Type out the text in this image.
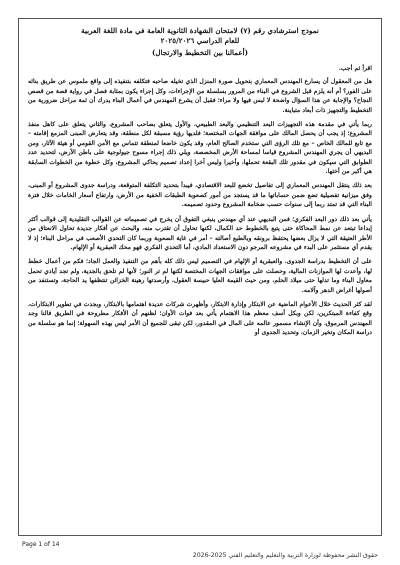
نموذج استرشادي رقم (٧) لامتحان الشهادة الثانوية العامة في مادة اللغة العربية
للعام الدراسي ٢٠٢٥/٢٠٢٦
(أعمالنا بين التخطيط والارتجال)

اقرأ ثم أجب.

هل من المعقول أن يسارع المهندس المعماري بتحويل صورة المنزل الذي تخيله صاحبه فتكلفه بتنفيذه إلى واقع ملموس عن طريق بنائه على الفور؟ أم أنه يلزم قبل الشروع في البناء من المرور بسلسلة من الإجراءات، وكل إجراء يكون بمثابة فصل في رواية قصة من قصص النجاح؟ والإجابة عن هذا السؤال واضحة لا لبس فيها ولا مراء؛ فقبل أن يشرع المهندس في أعمال البناء يدرك أن ثمة مراحل ضرورية من التخطيط والتجهيز ذات أبعاد متباينة.

ربما يأتي في مقدمة هذه التجهيزات البعد التنظيمي والبعد الطبيعي، والأول يتعلق بصاحب المشروع، والثاني يتعلق على كاهل منفذ المشروع؛ إذ يجب أن يحصل المالك على موافقة الجهات المختصة؛ فلديها رؤية مسبقة لكل منطقة، وقد يتعارض المبنى المزمع إقامته – مع تابع للمالك الخاص – مع تلك الرؤى التي ستخدم الصالح العام، وقد يكون خاضعا لمنطقة تتماس مع الأمن القومي أو هيئة الآثار، ومن البديهي أن يجري المهندس المشروع قياسا لمساحة الأرض المخصصة، ويلي ذلك إجراء مسوح جيولوجية على باطن الأرض، لتحديد عدد الطوابق التي سيكون في مقدور تلك البقعة تحملها، وأخيرا وليس آخرا إعداد تصميم يحاكي المشروع، وكل خطوة من الخطوات السابقة هي أكبر من أختها.

بعد ذلك ينتقل المهندس المعماري إلى تفاصيل تخضع للبعد الاقتصادي، فيبدأ بتحديد التكلفة المتوقعة، ودراسة جدوى المشروع أو المبنى، وفق ميزانية تفصيلية تضع ضمن حساباتها ما قد يستجد من أمور كصعوبة الطبقات الخفية من الأرض، وارتفاع أسعار الخامات خلال فترة البناء التي قد تمتد ربما إلى سنوات حسب ضخامة المشروع وحدود تصميمه.

يأتي بعد ذلك دور البعد الفكري؛ فمن البديهي عند أي مهندس ينبغي التفوق أن يخرج في تصميماته عن القوالب التقليدية إلى قوالب أكثر إبداعا تبتعد عن نمط المحاكاة حتى يتبع بالخطوط حد الكمال، لكنها تحاول أن تقترب منه، والبحث عن أفكار جديدة تحاول الانعتاق من الأطر العتيقة التي لا يزال بعضها يحتفظ برونقه وبالطبع أصالته – أمر في غاية الصعوبة وربما كان التحدي الأصعب في مراحل البناء؛ إذ لا يقدم أي مستثمر على البدء في مشروعه المرجو دون الاستعداد المادي، أما التحدي الفكري فهو محك العبقرية أو الإلهام.

على أن التخطيط بدراسة الجدوى، والعبقرية أو الإلهام في التصميم ليس ذلك كله بأهم من التنفيذ والعمل الجاد؛ فكم من أعمال خطط لها، وأعدت لها الموازنات المالية، وحصلت على موافقات الجهات المختصة لكنها لم تر النور؛ لأنها لم تلحق بالجدية، ولم تجد أيادي تحمل معاول البناء وما تدلها حتى ميلاد الحلم، ومن حيث القيمة العليا حبيسة العقول، وأرصدتها رهينة الخزائن تنتظفها يد الحاجة، وتستنفد من أصولها أغراض الدهر وآلامه.

لقد كثر الحديث خلال الأعوام الماضية عن الابتكار وإدارة الابتكار، وأظهرت شركات عديدة اهتمامها بالابتكار، وبجدت في تطوير الابتكارات، وقع كفاءة المبتكرين، لكن وبكل أسف معظم هذا الاهتمام يأتي بعد فوات الأوان؛ لظنهم أن الأفكار مطروحة في الطريق فالنا وجد المهندس المرموق، وأن الإنشاء مسمور عالمه على المال في المقدور، لكن تبقى للجميع أن الأمر ليس بهذه السهولة؛ إنما هو سلسلة من دراسة المكان وتخير الزمان، وتحديد الجدوى أو

Page 1 of 14
حقوق النشر محفوظة لوزارة التربية والتعليم والتعليم الفني 2025-2026
